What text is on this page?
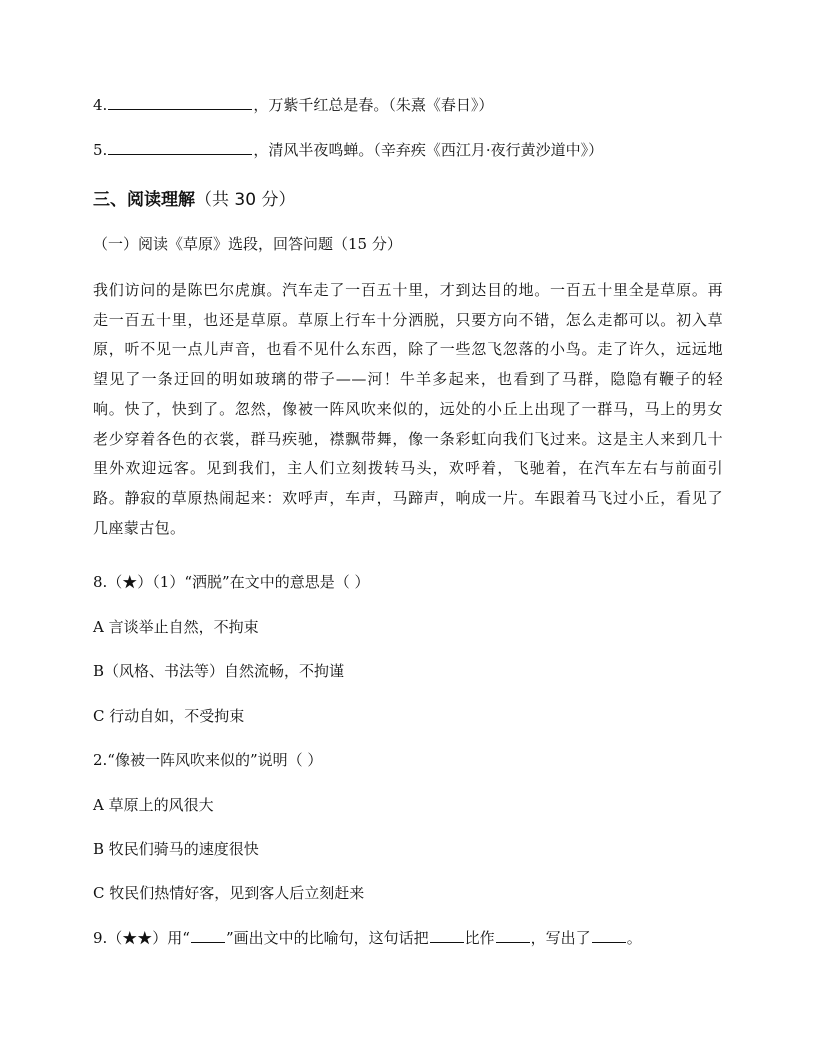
4.	，万紫千红总是春。（朱熹《春日》）
5.	，清风半夜鸣蝉。（辛弃疾《西江月·夜行黄沙道中》）
三、阅读理解（共 30 分）
（一）阅读《草原》选段，回答问题（15 分）
我们访问的是陈巴尔虎旗。汽车走了一百五十里，才到达目的地。一百五十里全是草原。再走一百五十里，也还是草原。草原上行车十分洒脱，只要方向不错，怎么走都可以。初入草原，听不见一点儿声音，也看不见什么东西，除了一些忽飞忽落的小鸟。走了许久，远远地望见了一条迂回的明如玻璃的带子——河！牛羊多起来，也看到了马群，隐隐有鞭子的轻响。快了，快到了。忽然，像被一阵风吹来似的，远处的小丘上出现了一群马，马上的男女老少穿着各色的衣裳，群马疾驰，襟飘带舞，像一条彩虹向我们飞过来。这是主人来到几十里外欢迎远客。见到我们，主人们立刻拨转马头，欢呼着，飞驰着，在汽车左右与前面引路。静寂的草原热闹起来：欢呼声，车声，马蹄声，响成一片。车跟着马飞过小丘，看见了几座蒙古包。
8.（★）（1）“洒脱”在文中的意思是（ ）
A 言谈举止自然，不拘束
B（风格、书法等）自然流畅，不拘谨
C 行动自如，不受拘束
2.“像被一阵风吹来似的”说明（ ）
A 草原上的风很大
B 牧民们骑马的速度很快
C 牧民们热情好客，见到客人后立刻赶来
9.（★★）用“ ”画出文中的比喻句，这句话把 比作 ，写出了 。
